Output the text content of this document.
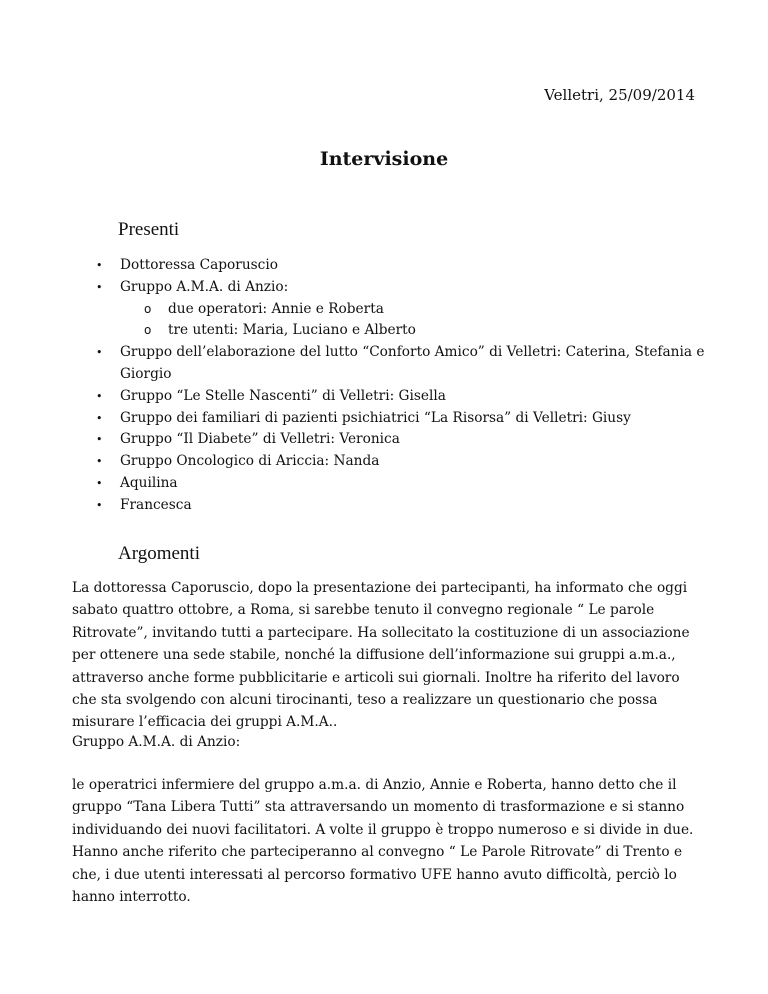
Velletri, 25/09/2014
Intervisione
Presenti
• Dottoressa Caporuscio
• Gruppo A.M.A. di Anzio:
o due operatori: Annie e Roberta
o tre utenti: Maria, Luciano e Alberto
• Gruppo dell’elaborazione del lutto “Conforto Amico” di Velletri: Caterina, Stefania e Giorgio
• Gruppo “Le Stelle Nascenti” di Velletri: Gisella
• Gruppo dei familiari di pazienti psichiatrici “La Risorsa” di Velletri: Giusy
• Gruppo “Il Diabete” di Velletri: Veronica
• Gruppo Oncologico di Ariccia: Nanda
• Aquilina
• Francesca
Argomenti

La dottoressa Caporuscio, dopo la presentazione dei partecipanti, ha informato che oggi sabato quattro ottobre, a Roma, si sarebbe tenuto il convegno regionale “ Le parole Ritrovate”, invitando tutti a partecipare. Ha sollecitato la costituzione di un associazione per ottenere una sede stabile, nonché la diffusione dell’informazione sui gruppi a.m.a., attraverso anche forme pubblicitarie e articoli sui giornali. Inoltre ha riferito del lavoro che sta svolgendo con alcuni tirocinanti, teso a realizzare un questionario che possa misurare l’efficacia dei gruppi A.M.A..

Gruppo A.M.A. di Anzio:

le operatrici infermiere del gruppo a.m.a. di Anzio, Annie e Roberta, hanno detto che il gruppo “Tana Libera Tutti” sta attraversando un momento di trasformazione e si stanno individuando dei nuovi facilitatori. A volte il gruppo è troppo numeroso e si divide in due. Hanno anche riferito che parteciperanno al convegno “ Le Parole Ritrovate” di Trento e che, i due utenti interessati al percorso formativo UFE hanno avuto difficoltà, perciò lo hanno interrotto.
